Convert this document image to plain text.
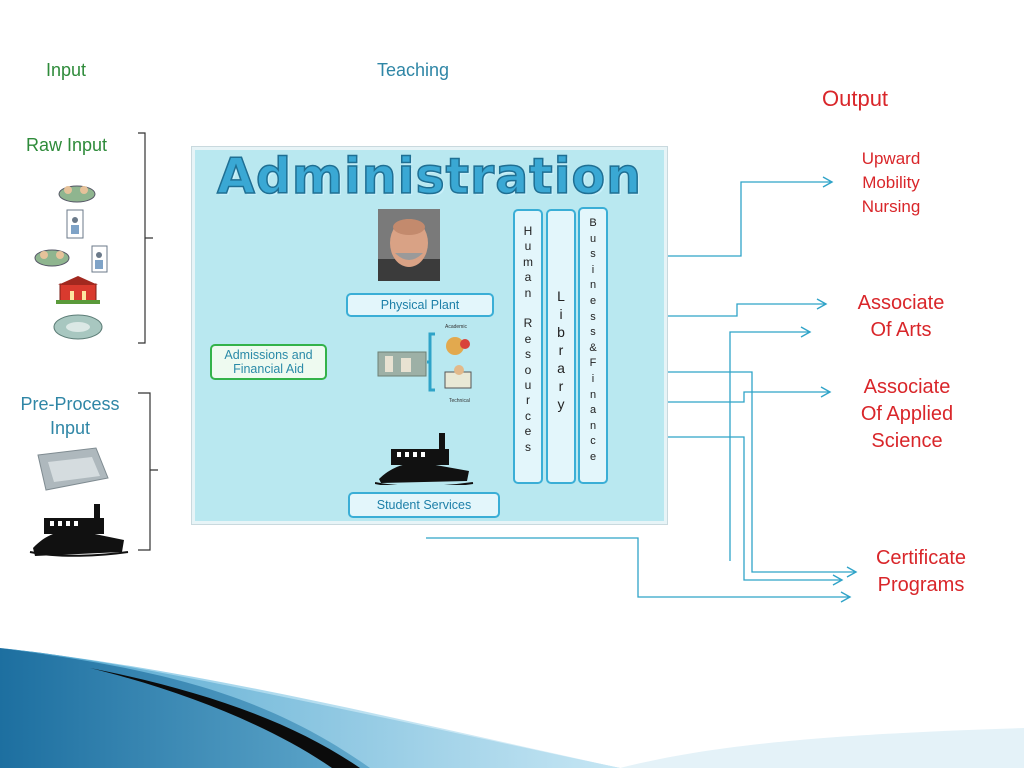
Input	Teaching
Output
Raw Input
Pre-Process
Input
Administration
Physical Plant
Admissions and
Financial Aid
Academic
Technical
Student Services
H
u
m
a
n

R
e
s
o
u
r
c
e
s
L
i
b
r
a
r
y
B
u
s
i
n
e
s
s
&
F
i
n
a
n
c
e
Upward
Mobility
Nursing
Associate
Of Arts
Associate
Of Applied
Science
Certificate
Programs
